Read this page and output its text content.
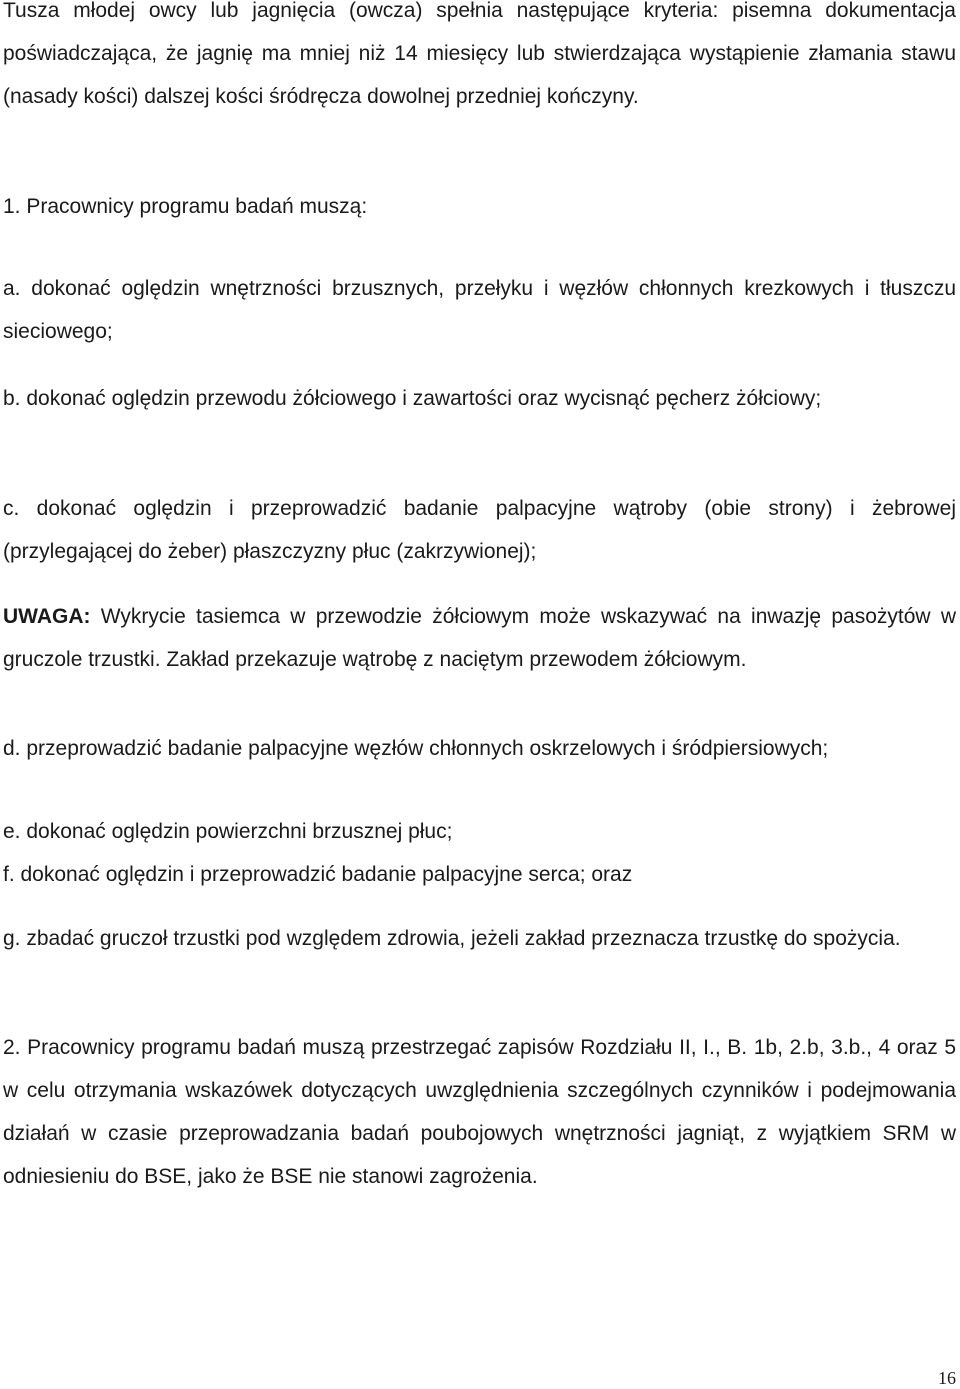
Tusza młodej owcy lub jagnięcia (owcza) spełnia następujące kryteria: pisemna dokumentacja poświadczająca, że jagnię ma mniej niż 14 miesięcy lub stwierdzająca wystąpienie złamania stawu (nasady kości) dalszej kości śródręcza dowolnej przedniej kończyny.

1. Pracownicy programu badań muszą:

a. dokonać oględzin wnętrzności brzusznych, przełyku i węzłów chłonnych krezkowych i tłuszczu sieciowego;

b. dokonać oględzin przewodu żółciowego i zawartości oraz wycisnąć pęcherz żółciowy;

c. dokonać oględzin i przeprowadzić badanie palpacyjne wątroby (obie strony) i żebrowej (przylegającej do żeber) płaszczyzny płuc (zakrzywionej);

UWAGA: Wykrycie tasiemca w przewodzie żółciowym może wskazywać na inwazję pasożytów w gruczole trzustki. Zakład przekazuje wątrobę z naciętym przewodem żółciowym.

d. przeprowadzić badanie palpacyjne węzłów chłonnych oskrzelowych i śródpiersiowych;

e. dokonać oględzin powierzchni brzusznej płuc;

f. dokonać oględzin i przeprowadzić badanie palpacyjne serca; oraz

g. zbadać gruczoł trzustki pod względem zdrowia, jeżeli zakład przeznacza trzustkę do spożycia.

2. Pracownicy programu badań muszą przestrzegać zapisów Rozdziału II, I., B. 1b, 2.b, 3.b., 4 oraz 5 w celu otrzymania wskazówek dotyczących uwzględnienia szczególnych czynników i podejmowania działań w czasie przeprowadzania badań poubojowych wnętrzności jagniąt, z wyjątkiem SRM w odniesieniu do BSE, jako że BSE nie stanowi zagrożenia.

16
